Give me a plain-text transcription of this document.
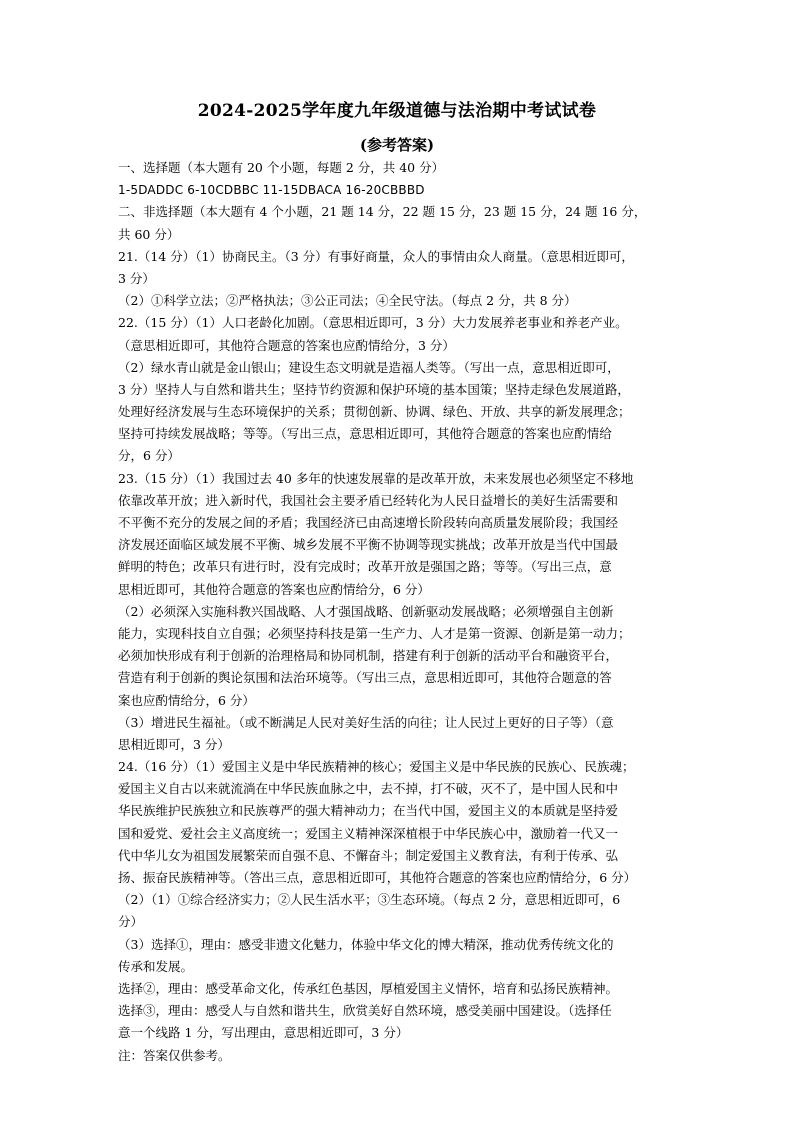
2024-2025学年度九年级道德与法治期中考试试卷
(参考答案)
一、选择题（本大题有 20 个小题，每题 2 分，共 40 分）
1-5DADDC 6-10CDBBC 11-15DBACA 16-20CBBBD
二、非选择题（本大题有 4 个小题，21 题 14 分，22 题 15 分，23 题 15 分，24 题 16 分，
共 60 分）
21.（14 分）（1）协商民主。（3 分）有事好商量，众人的事情由众人商量。（意思相近即可，
3 分）
（2）①科学立法；②严格执法；③公正司法；④全民守法。（每点 2 分，共 8 分）
22.（15 分）（1）人口老龄化加剧。（意思相近即可，3 分）大力发展养老事业和养老产业。
（意思相近即可，其他符合题意的答案也应酌情给分，3 分）
（2）绿水青山就是金山银山；建设生态文明就是造福人类等。（写出一点，意思相近即可，
3 分）坚持人与自然和谐共生；坚持节约资源和保护环境的基本国策；坚持走绿色发展道路，
处理好经济发展与生态环境保护的关系；贯彻创新、协调、绿色、开放、共享的新发展理念；
坚持可持续发展战略；等等。（写出三点，意思相近即可，其他符合题意的答案也应酌情给
分，6 分）
23.（15 分）（1）我国过去 40 多年的快速发展靠的是改革开放，未来发展也必须坚定不移地
依靠改革开放；进入新时代，我国社会主要矛盾已经转化为人民日益增长的美好生活需要和
不平衡不充分的发展之间的矛盾；我国经济已由高速增长阶段转向高质量发展阶段；我国经
济发展还面临区域发展不平衡、城乡发展不平衡不协调等现实挑战；改革开放是当代中国最
鲜明的特色；改革只有进行时，没有完成时；改革开放是强国之路；等等。（写出三点，意
思相近即可，其他符合题意的答案也应酌情给分，6 分）
（2）必须深入实施科教兴国战略、人才强国战略、创新驱动发展战略；必须增强自主创新
能力，实现科技自立自强；必须坚持科技是第一生产力、人才是第一资源、创新是第一动力；
必须加快形成有利于创新的治理格局和协同机制，搭建有利于创新的活动平台和融资平台，
营造有利于创新的舆论氛围和法治环境等。（写出三点，意思相近即可，其他符合题意的答
案也应酌情给分，6 分）
（3）增进民生福祉。（或不断满足人民对美好生活的向往；让人民过上更好的日子等）（意
思相近即可，3 分）
24.（16 分）（1）爱国主义是中华民族精神的核心；爱国主义是中华民族的民族心、民族魂；
爱国主义自古以来就流淌在中华民族血脉之中，去不掉，打不破，灭不了，是中国人民和中
华民族维护民族独立和民族尊严的强大精神动力；在当代中国，爱国主义的本质就是坚持爱
国和爱党、爱社会主义高度统一；爱国主义精神深深植根于中华民族心中，激励着一代又一
代中华儿女为祖国发展繁荣而自强不息、不懈奋斗；制定爱国主义教育法，有利于传承、弘
扬、振奋民族精神等。（答出三点，意思相近即可，其他符合题意的答案也应酌情给分，6 分）
（2）（1）①综合经济实力；②人民生活水平；③生态环境。（每点 2 分，意思相近即可，6
分）
（3）选择①，理由：感受非遗文化魅力，体验中华文化的博大精深，推动优秀传统文化的
传承和发展。
选择②，理由：感受革命文化，传承红色基因，厚植爱国主义情怀，培育和弘扬民族精神。
选择③，理由：感受人与自然和谐共生，欣赏美好自然环境，感受美丽中国建设。（选择任
意一个线路 1 分，写出理由，意思相近即可，3 分）
注：答案仅供参考。
